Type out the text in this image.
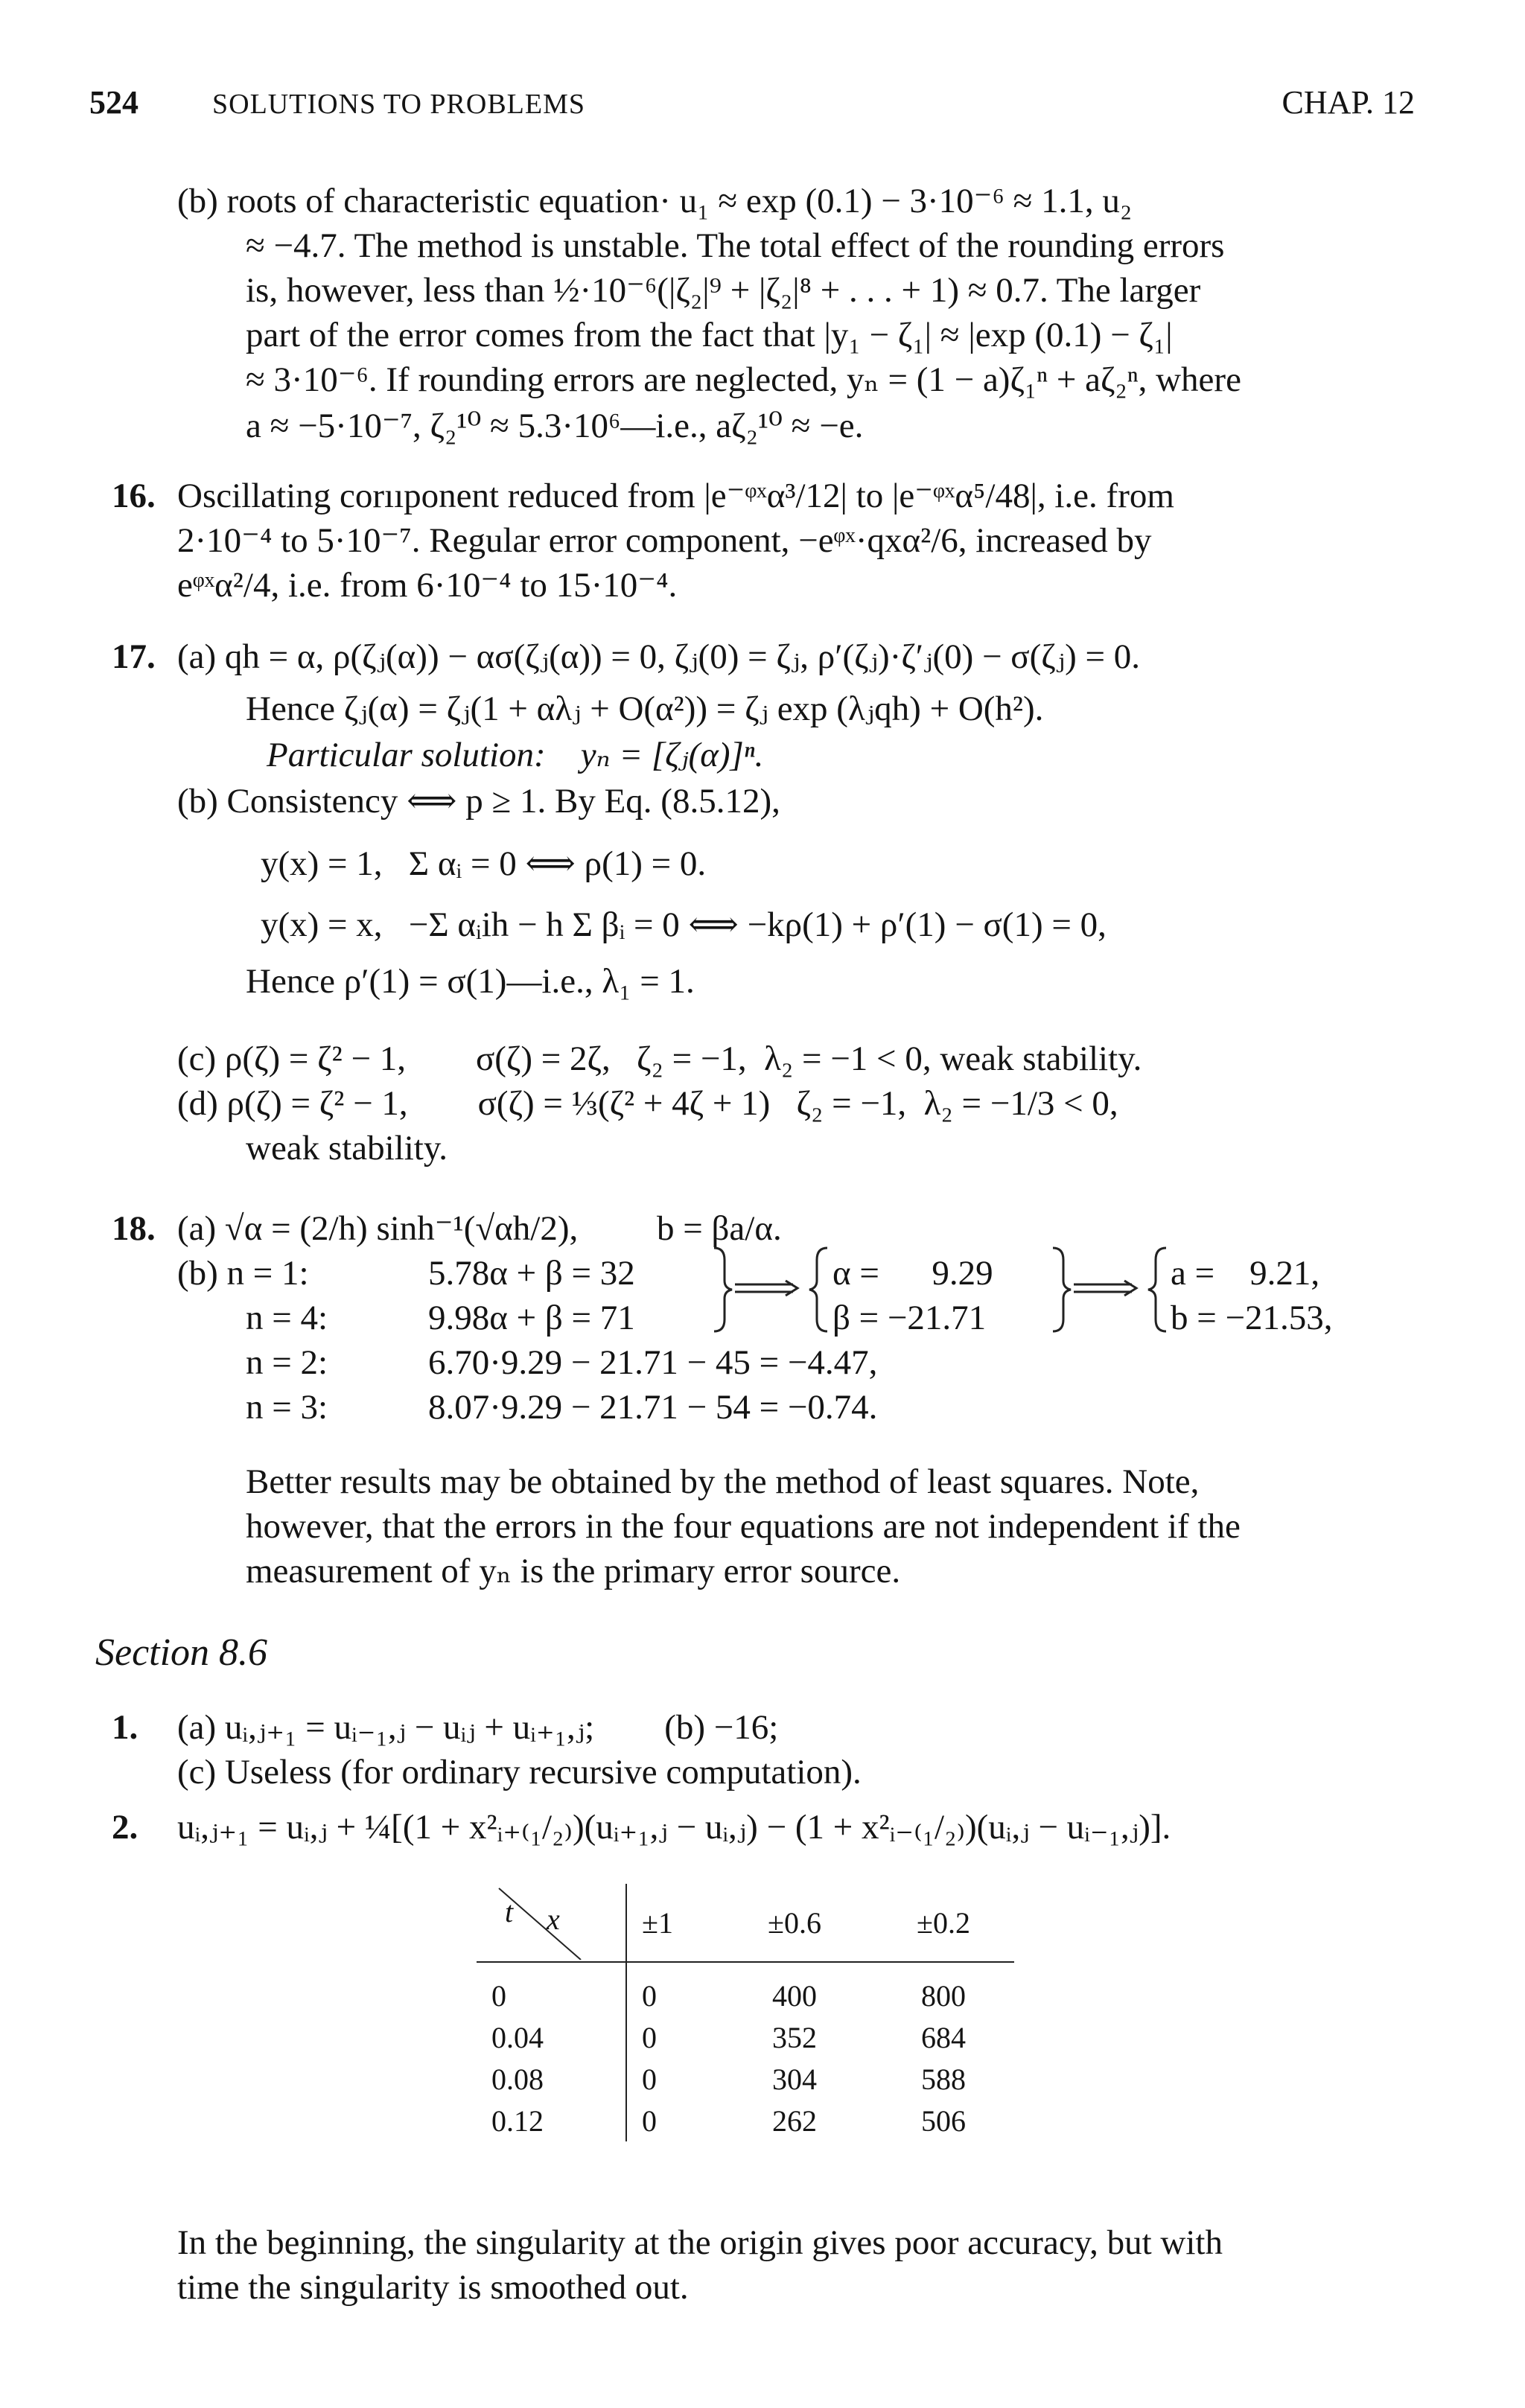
524	SOLUTIONS TO PROBLEMS	CHAP. 12
(b) roots of characteristic equation· u₁ ≈ exp (0.1) − 3·10⁻⁶ ≈ 1.1, u₂
≈ −4.7. The method is unstable. The total effect of the rounding errors
is, however, less than ½·10⁻⁶(|ζ₂|⁹ + |ζ₂|⁸ + . . . + 1) ≈ 0.7. The larger
part of the error comes from the fact that |y₁ − ζ₁| ≈ |exp (0.1) − ζ₁|
≈ 3·10⁻⁶. If rounding errors are neglected, yₙ = (1 − a)ζ₁ⁿ + aζ₂ⁿ, where
a ≈ −5·10⁻⁷, ζ₂¹⁰ ≈ 5.3·10⁶—i.e., aζ₂¹⁰ ≈ −e.
16. Oscillating corııponent reduced from |e⁻ᵠˣα³/12| to |e⁻ᵠˣα⁵/48|, i.e. from
2·10⁻⁴ to 5·10⁻⁷. Regular error component, −eᵠˣ·qxα²/6, increased by
eᵠˣα²/4, i.e. from 6·10⁻⁴ to 15·10⁻⁴.
17. (a) qh = α, ρ(ζⱼ(α)) − ασ(ζⱼ(α)) = 0, ζⱼ(0) = ζⱼ, ρ′(ζⱼ)·ζ′ⱼ(0) − σ(ζⱼ) = 0.
Hence ζⱼ(α) = ζⱼ(1 + αλⱼ + O(α²)) = ζⱼ exp (λⱼqh) + O(h²).
Particular solution:    yₙ = [ζⱼ(α)]ⁿ.
(b) Consistency ⟺ p ≥ 1. By Eq. (8.5.12),
y(x) = 1,   Σ αᵢ = 0 ⟺ ρ(1) = 0.
y(x) = x,   −Σ αᵢih − h Σ βᵢ = 0 ⟺ −kρ(1) + ρ′(1) − σ(1) = 0,
Hence ρ′(1) = σ(1)—i.e., λ₁ = 1.
(c) ρ(ζ) = ζ² − 1,        σ(ζ) = 2ζ,   ζ₂ = −1,  λ₂ = −1 < 0, weak stability.
(d) ρ(ζ) = ζ² − 1,        σ(ζ) = ⅓(ζ² + 4ζ + 1)   ζ₂ = −1,  λ₂ = −1/3 < 0,
weak stability.
18. (a) √α = (2/h) sinh⁻¹(√αh/2),         b = βa/α.
(b) n = 1:	5.78α + β = 32
n = 4:	9.98α + β = 71
α =      9.29
β = −21.71
a =    9.21,
b = −21.53,
n = 2:	6.70·9.29 − 21.71 − 45 = −4.47,
n = 3:	8.07·9.29 − 21.71 − 54 = −0.74.
Better results may be obtained by the method of least squares. Note,
however, that the errors in the four equations are not independent if the
measurement of yₙ is the primary error source.
Section 8.6
1. (a) uᵢ,ⱼ₊₁ = uᵢ₋₁,ⱼ − uᵢⱼ + uᵢ₊₁,ⱼ;        (b) −16;
(c) Useless (for ordinary recursive computation).
2. uᵢ,ⱼ₊₁ = uᵢ,ⱼ + ¼[(1 + x²ᵢ₊₍₁/₂₎)(uᵢ₊₁,ⱼ − uᵢ,ⱼ) − (1 + x²ᵢ₋₍₁/₂₎)(uᵢ,ⱼ − uᵢ₋₁,ⱼ)].
t x	±1	±0.6	±0.2
0	0	400	800
0.04	0	352	684
0.08	0	304	588
0.12	0	262	506
In the beginning, the singularity at the origin gives poor accuracy, but with
time the singularity is smoothed out.
